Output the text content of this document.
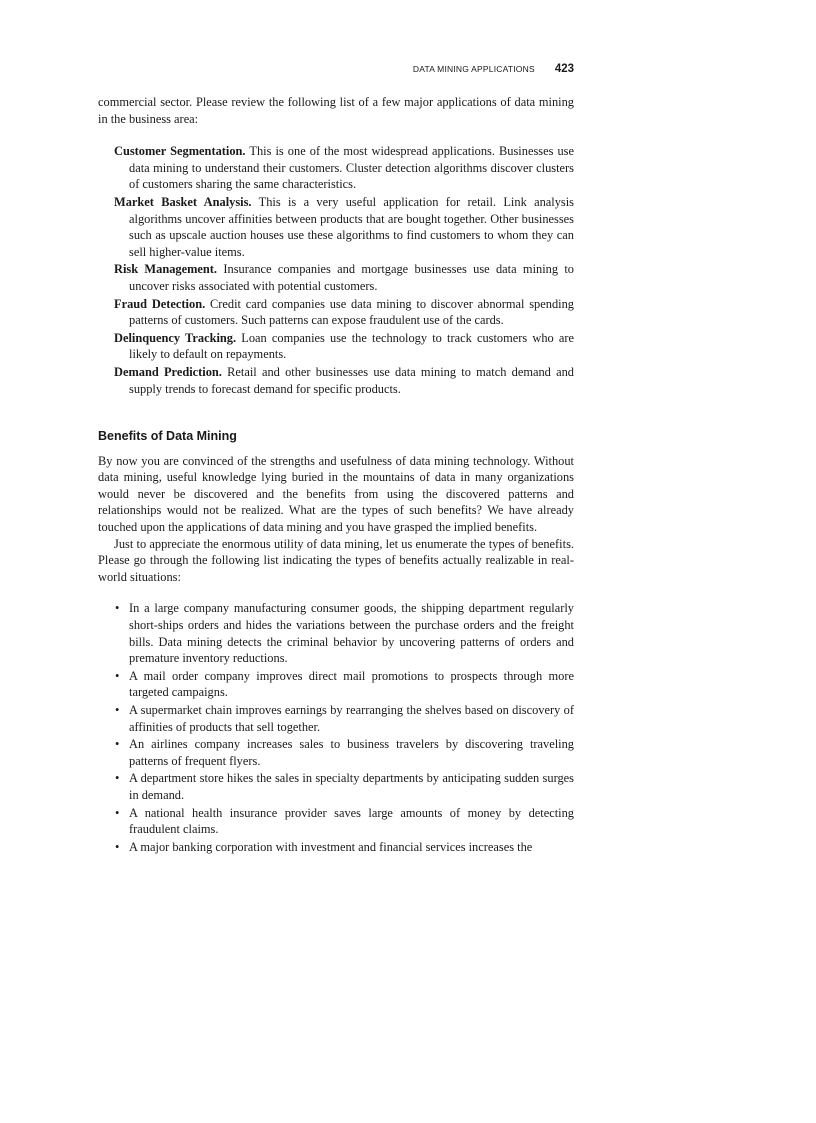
DATA MINING APPLICATIONS 423

commercial sector. Please review the following list of a few major applications of data mining in the business area:

Customer Segmentation. This is one of the most widespread applications. Businesses use data mining to understand their customers. Cluster detection algorithms discover clusters of customers sharing the same characteristics.
Market Basket Analysis. This is a very useful application for retail. Link analysis algorithms uncover affinities between products that are bought together. Other businesses such as upscale auction houses use these algorithms to find customers to whom they can sell higher-value items.
Risk Management. Insurance companies and mortgage businesses use data mining to uncover risks associated with potential customers.
Fraud Detection. Credit card companies use data mining to discover abnormal spending patterns of customers. Such patterns can expose fraudulent use of the cards.
Delinquency Tracking. Loan companies use the technology to track customers who are likely to default on repayments.
Demand Prediction. Retail and other businesses use data mining to match demand and supply trends to forecast demand for specific products.
Benefits of Data Mining

By now you are convinced of the strengths and usefulness of data mining technology. Without data mining, useful knowledge lying buried in the mountains of data in many organizations would never be discovered and the benefits from using the discovered patterns and relationships would not be realized. What are the types of such benefits? We have already touched upon the applications of data mining and you have grasped the implied benefits.

Just to appreciate the enormous utility of data mining, let us enumerate the types of benefits. Please go through the following list indicating the types of benefits actually realizable in real-world situations:

• In a large company manufacturing consumer goods, the shipping department regularly short-ships orders and hides the variations between the purchase orders and the freight bills. Data mining detects the criminal behavior by uncovering patterns of orders and premature inventory reductions.
• A mail order company improves direct mail promotions to prospects through more targeted campaigns.
• A supermarket chain improves earnings by rearranging the shelves based on discovery of affinities of products that sell together.
• An airlines company increases sales to business travelers by discovering traveling patterns of frequent flyers.
• A department store hikes the sales in specialty departments by anticipating sudden surges in demand.
• A national health insurance provider saves large amounts of money by detecting fraudulent claims.
• A major banking corporation with investment and financial services increases the
